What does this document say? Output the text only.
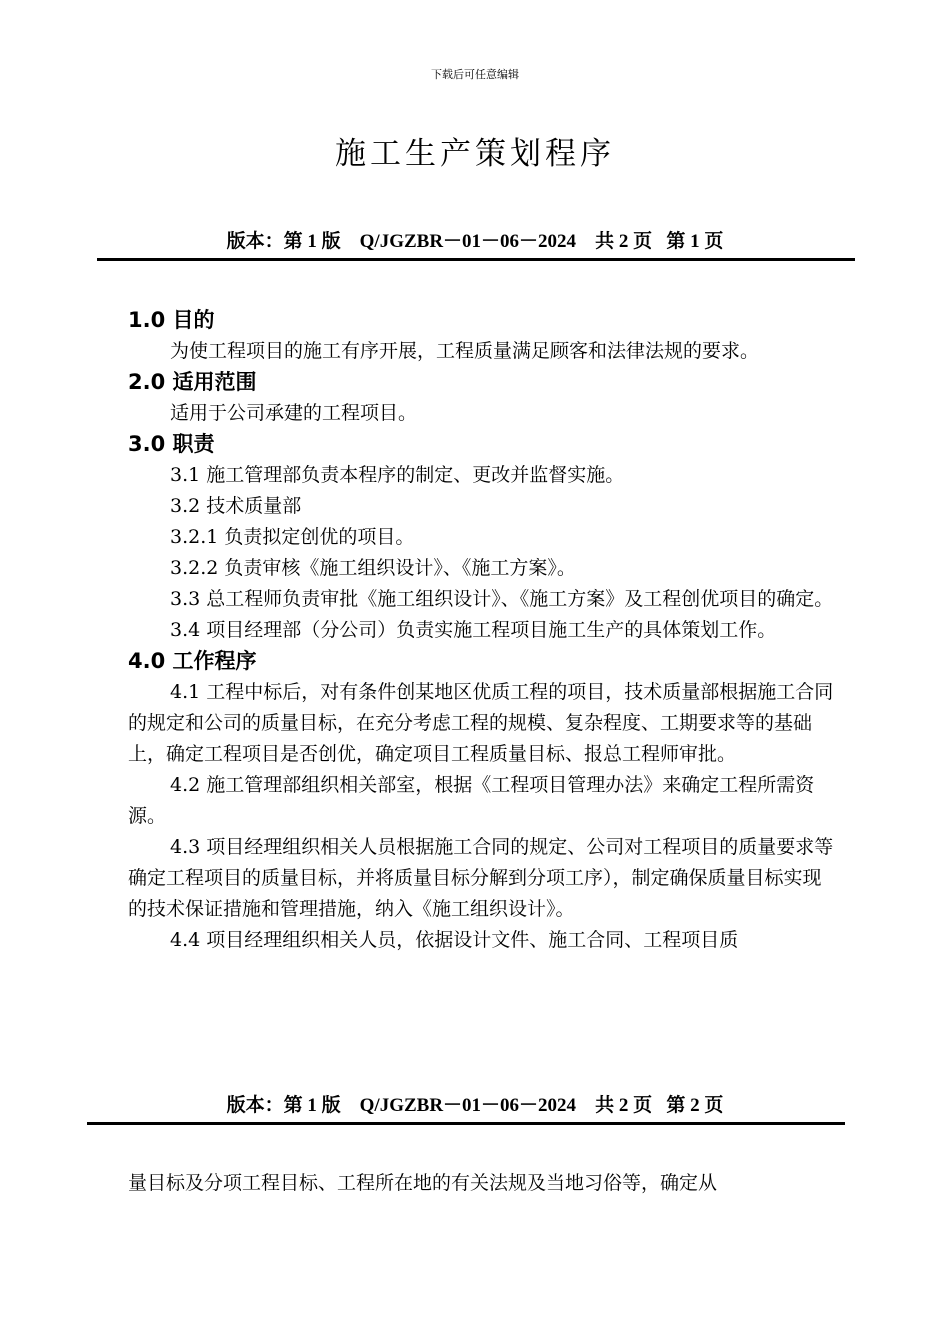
下载后可任意编辑
施工生产策划程序
版本：第 1 版 Q/JGZBR－01－06－2024 共 2 页 第 1 页

1.0 目的

为使工程项目的施工有序开展，工程质量满足顾客和法律法规的要求。

2.0 适用范围

适用于公司承建的工程项目。

3.0 职责

3.1 施工管理部负责本程序的制定、更改并监督实施。

3.2 技术质量部

3.2.1 负责拟定创优的项目。

3.2.2 负责审核《施工组织设计》、《施工方案》。

3.3 总工程师负责审批《施工组织设计》、《施工方案》及工程创优项目的确定。

3.4 项目经理部（分公司）负责实施工程项目施工生产的具体策划工作。

4.0 工作程序

4.1 工程中标后，对有条件创某地区优质工程的项目，技术质量部根据施工合同的规定和公司的质量目标，在充分考虑工程的规模、复杂程度、工期要求等的基础上，确定工程项目是否创优，确定项目工程质量目标、报总工程师审批。

4.2 施工管理部组织相关部室，根据《工程项目管理办法》来确定工程所需资源。

4.3 项目经理组织相关人员根据施工合同的规定、公司对工程项目的质量要求等确定工程项目的质量目标，并将质量目标分解到分项工序），制定确保质量目标实现的技术保证措施和管理措施，纳入《施工组织设计》。

4.4 项目经理组织相关人员，依据设计文件、施工合同、工程项目质

版本：第 1 版 Q/JGZBR－01－06－2024 共 2 页 第 2 页

量目标及分项工程目标、工程所在地的有关法规及当地习俗等，确定从
